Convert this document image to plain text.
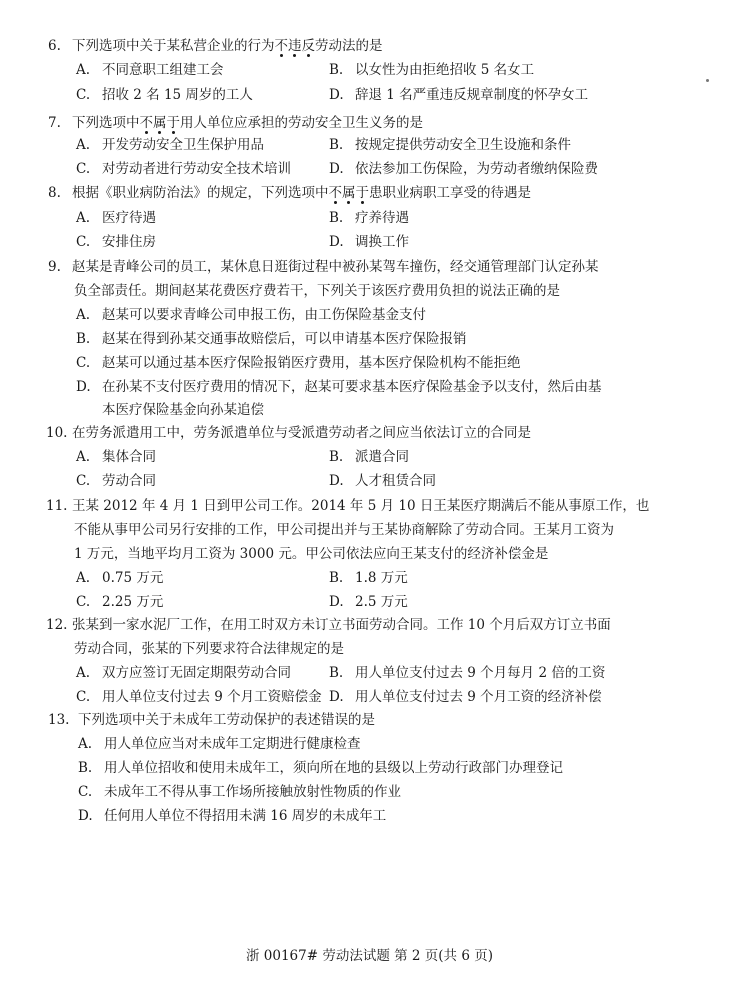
6. 下列选项中关于某私营企业的行为不违反劳动法的是
A. 不同意职工组建工会	B. 以女性为由拒绝招收 5 名女工
C. 招收 2 名 15 周岁的工人	D. 辞退 1 名严重违反规章制度的怀孕女工
7. 下列选项中不属于用人单位应承担的劳动安全卫生义务的是
A. 开发劳动安全卫生保护用品	B. 按规定提供劳动安全卫生设施和条件
C. 对劳动者进行劳动安全技术培训	D. 依法参加工伤保险，为劳动者缴纳保险费
8. 根据《职业病防治法》的规定，下列选项中不属于患职业病职工享受的待遇是
A. 医疗待遇	B. 疗养待遇
C. 安排住房	D. 调换工作
9. 赵某是青峰公司的员工，某休息日逛街过程中被孙某驾车撞伤，经交通管理部门认定孙某
负全部责任。期间赵某花费医疗费若干，下列关于该医疗费用负担的说法正确的是
A. 赵某可以要求青峰公司申报工伤，由工伤保险基金支付
B. 赵某在得到孙某交通事故赔偿后，可以申请基本医疗保险报销
C. 赵某可以通过基本医疗保险报销医疗费用，基本医疗保险机构不能拒绝
D. 在孙某不支付医疗费用的情况下，赵某可要求基本医疗保险基金予以支付，然后由基
本医疗保险基金向孙某追偿
10. 在劳务派遣用工中，劳务派遣单位与受派遣劳动者之间应当依法订立的合同是
A. 集体合同	B. 派遣合同
C. 劳动合同	D. 人才租赁合同
11. 王某 2012 年 4 月 1 日到甲公司工作。2014 年 5 月 10 日王某医疗期满后不能从事原工作，也
不能从事甲公司另行安排的工作，甲公司提出并与王某协商解除了劳动合同。王某月工资为
1 万元，当地平均月工资为 3000 元。甲公司依法应向王某支付的经济补偿金是
A. 0.75 万元	B. 1.8 万元
C. 2.25 万元	D. 2.5 万元
12. 张某到一家水泥厂工作，在用工时双方未订立书面劳动合同。工作 10 个月后双方订立书面
劳动合同，张某的下列要求符合法律规定的是
A. 双方应签订无固定期限劳动合同	B. 用人单位支付过去 9 个月每月 2 倍的工资
C. 用人单位支付过去 9 个月工资赔偿金 D. 用人单位支付过去 9 个月工资的经济补偿
13. 下列选项中关于未成年工劳动保护的表述错误的是
A. 用人单位应当对未成年工定期进行健康检查
B. 用人单位招收和使用未成年工，须向所在地的县级以上劳动行政部门办理登记
C. 未成年工不得从事工作场所接触放射性物质的作业
D. 任何用人单位不得招用未满 16 周岁的未成年工
浙 00167# 劳动法试题 第 2 页(共 6 页)
